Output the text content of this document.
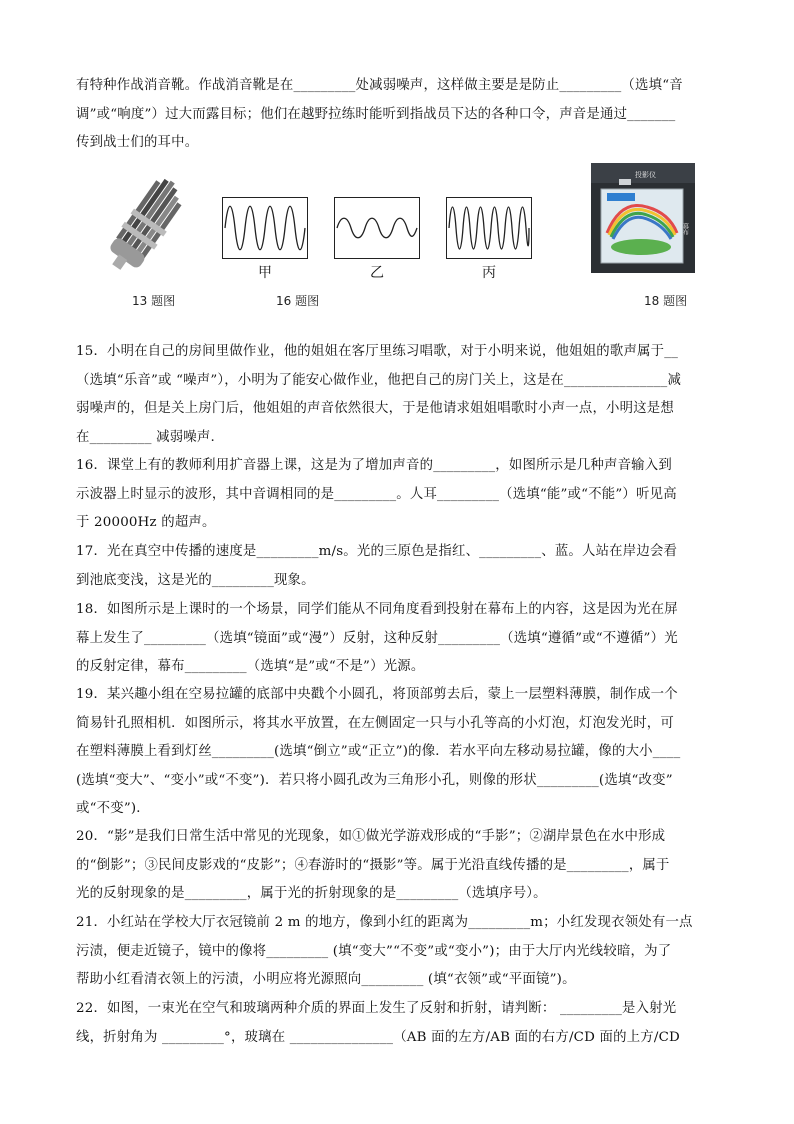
有特种作战消音靴。作战消音靴是在_________处减弱噪声，这样做主要是是防止_________（选填“音

调”或“响度”）过大而露目标；他们在越野拉练时能听到指战员下达的各种口令，声音是通过_______

传到战士们的耳中。

甲	乙	丙
投影仪
幕布
13 题图	16 题图	18 题图

15．小明在自己的房间里做作业，他的姐姐在客厅里练习唱歌，对于小明来说，他姐姐的歌声属于__

（选填“乐音”或 “噪声”），小明为了能安心做作业，他把自己的房门关上，这是在_______________减

弱噪声的，但是关上房门后，他姐姐的声音依然很大，于是他请求姐姐唱歌时小声一点，小明这是想

在_________ 减弱噪声.

16．课堂上有的教师利用扩音器上课，这是为了增加声音的_________，如图所示是几种声音输入到

示波器上时显示的波形，其中音调相同的是_________。人耳_________（选填“能”或“不能”）听见高

于 20000Hz 的超声。

17．光在真空中传播的速度是_________m/s。光的三原色是指红、_________、蓝。人站在岸边会看

到池底变浅，这是光的_________现象。

18．如图所示是上课时的一个场景，同学们能从不同角度看到投射在幕布上的内容，这是因为光在屏

幕上发生了_________（选填“镜面”或“漫”）反射，这种反射_________（选填“遵循”或“不遵循”）光

的反射定律，幕布_________（选填“是”或“不是”）光源。

19．某兴趣小组在空易拉罐的底部中央戳个小圆孔，将顶部剪去后，蒙上一层塑料薄膜，制作成一个

简易针孔照相机．如图所示，将其水平放置，在左侧固定一只与小孔等高的小灯泡，灯泡发光时，可

在塑料薄膜上看到灯丝_________(选填“倒立”或“正立”)的像．若水平向左移动易拉罐，像的大小____

(选填“变大”、“变小”或“不变”)．若只将小圆孔改为三角形小孔，则像的形状_________(选填“改变”

或“不变”)．

20．“影”是我们日常生活中常见的光现象，如①做光学游戏形成的“手影”；②湖岸景色在水中形成

的“倒影”；③民间皮影戏的“皮影”；④春游时的“摄影”等。属于光沿直线传播的是_________，属于

光的反射现象的是_________，属于光的折射现象的是_________（选填序号）。

21．小红站在学校大厅衣冠镜前 2 m 的地方，像到小红的距离为_________m；小红发现衣领处有一点

污渍，便走近镜子，镜中的像将_________ (填“变大”“不变”或“变小”)；由于大厅内光线较暗，为了

帮助小红看清衣领上的污渍，小明应将光源照向_________ (填“衣领”或“平面镜”)。

22．如图，一束光在空气和玻璃两种介质的界面上发生了反射和折射，请判断： _________是入射光

线，折射角为 _________°，玻璃在 _______________（AB 面的左方/AB 面的右方/CD 面的上方/CD
